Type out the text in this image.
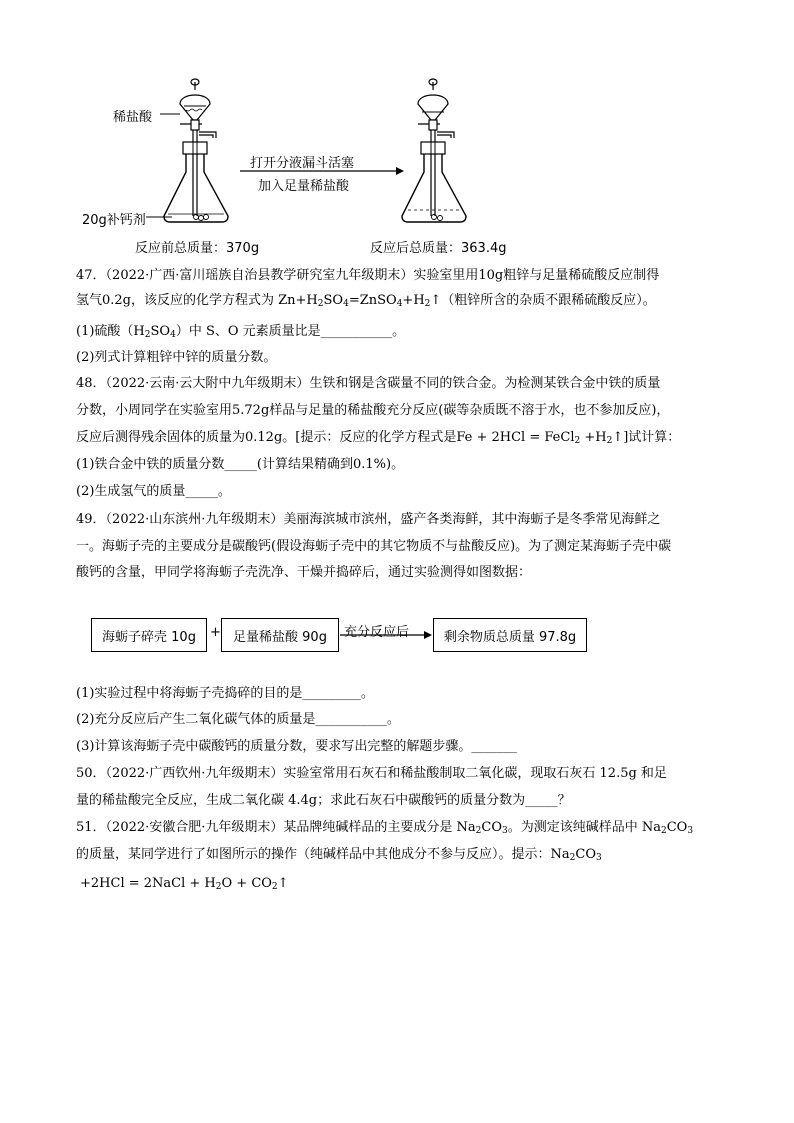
稀盐酸
20g补钙剂
打开分液漏斗活塞
加入足量稀盐酸
反应前总质量：370g	反应后总质量：363.4g
47．（2022·广西·富川瑶族自治县教学研究室九年级期末）实验室里用10g粗锌与足量稀硫酸反应制得
氢气0.2g，该反应的化学方程式为 $Zn+H_2SO_4=ZnSO_4+H_2↑$（粗锌所含的杂质不跟稀硫酸反应）。
(1)硫酸$(H_2SO_4)$中 S、O 元素质量比是___________。
(2)列式计算粗锌中锌的质量分数。
48．（2022·云南·云大附中九年级期末）生铁和钢是含碳量不同的铁合金。为检测某铁合金中铁的质量
分数，小周同学在实验室用5.72g样品与足量的稀盐酸充分反应(碳等杂质既不溶于水，也不参加反应)，
反应后测得残余固体的质量为0.12g。[提示：反应的化学方程式是Fe + 2HCl = FeCl$_2$ $+H_2↑$]试计算：
(1)铁合金中铁的质量分数_____(计算结果精确到0.1%)。
(2)生成氢气的质量_____。
49．（2022·山东滨州·九年级期末）美丽海滨城市滨州，盛产各类海鲜，其中海蛎子是冬季常见海鲜之
一。海蛎子壳的主要成分是碳酸钙(假设海蛎子壳中的其它物质不与盐酸反应)。为了测定某海蛎子壳中碳
酸钙的含量，甲同学将海蛎子壳洗净、干燥并捣碎后，通过实验测得如图数据：
海蛎子碎壳 10g	+ 足量稀盐酸 90g	充分反应后	剩余物质总质量 97.8g
(1)实验过程中将海蛎子壳捣碎的目的是_________。
(2)充分反应后产生二氧化碳气体的质量是___________。
(3)计算该海蛎子壳中碳酸钙的质量分数，要求写出完整的解题步骤。_______
50．（2022·广西钦州·九年级期末）实验室常用石灰石和稀盐酸制取二氧化碳，现取石灰石 12.5g 和足
量的稀盐酸完全反应，生成二氧化碳 4.4g；求此石灰石中碳酸钙的质量分数为_____？
51．（2022·安徽合肥·九年级期末）某品牌纯碱样品的主要成分是 $Na_2CO_3$。为测定该纯碱样品中 $Na_2CO_3$
的质量，某同学进行了如图所示的操作（纯碱样品中其他成分不参与反应）。提示：$Na_2CO_3$
+2HCl = 2NaCl + $H_2O$ + $CO_2↑$
